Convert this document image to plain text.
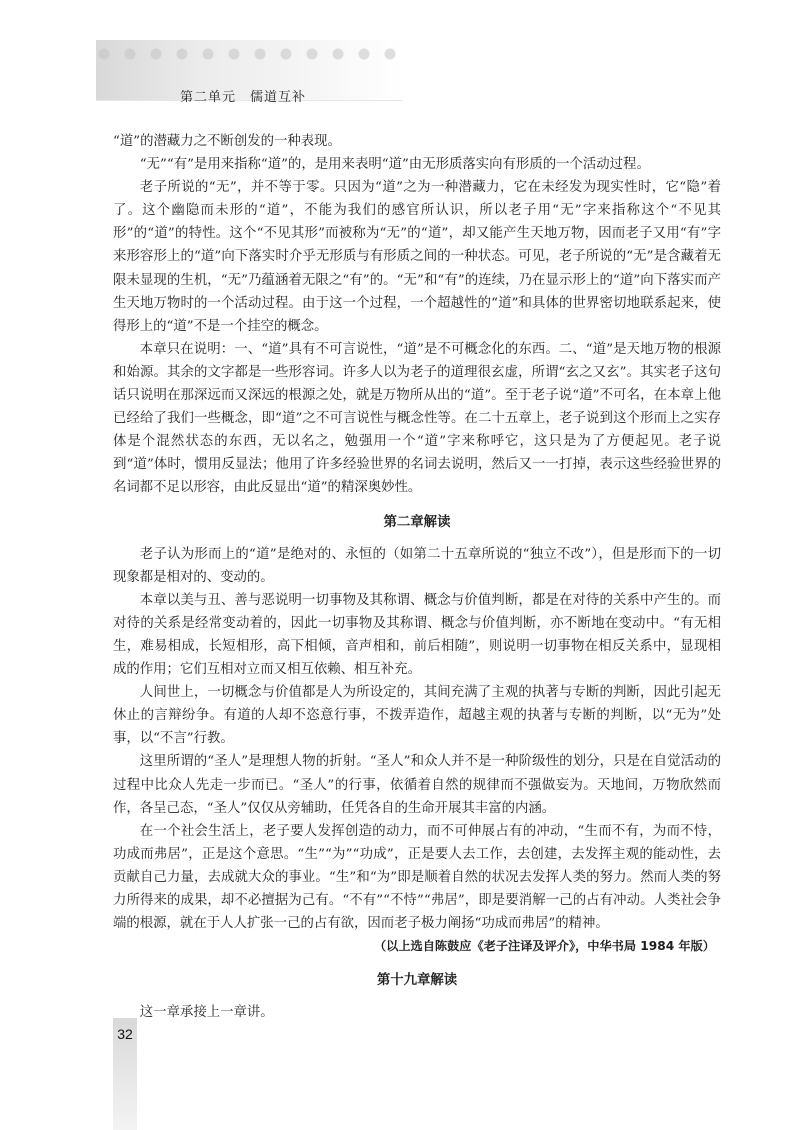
第二单元　儒道互补

“道”的潜藏力之不断创发的一种表现。

“无”“有”是用来指称“道”的，是用来表明“道”由无形质落实向有形质的一个活动过程。

老子所说的“无”，并不等于零。只因为“道”之为一种潜藏力，它在未经发为现实性时，它“隐”着了。这个幽隐而未形的“道”，不能为我们的感官所认识，所以老子用“无”字来指称这个“不见其形”的“道”的特性。这个“不见其形”而被称为“无”的“道”，却又能产生天地万物，因而老子又用“有”字来形容形上的“道”向下落实时介乎无形质与有形质之间的一种状态。可见，老子所说的“无”是含藏着无限未显现的生机，“无”乃蕴涵着无限之“有”的。“无”和“有”的连续，乃在显示形上的“道”向下落实而产生天地万物时的一个活动过程。由于这一个过程，一个超越性的“道”和具体的世界密切地联系起来，使得形上的“道”不是一个挂空的概念。

本章只在说明：一、“道”具有不可言说性，“道”是不可概念化的东西。二、“道”是天地万物的根源和始源。其余的文字都是一些形容词。许多人以为老子的道理很玄虚，所谓“玄之又玄”。其实老子这句话只说明在那深远而又深远的根源之处，就是万物所从出的“道”。至于老子说“道”不可名，在本章上他已经给了我们一些概念，即“道”之不可言说性与概念性等。在二十五章上，老子说到这个形而上之实存体是个混然状态的东西，无以名之，勉强用一个“道”字来称呼它，这只是为了方便起见。老子说到“道”体时，惯用反显法；他用了许多经验世界的名词去说明，然后又一一打掉，表示这些经验世界的名词都不足以形容，由此反显出“道”的精深奥妙性。

第二章解读

老子认为形而上的“道”是绝对的、永恒的（如第二十五章所说的“独立不改”），但是形而下的一切现象都是相对的、变动的。

本章以美与丑、善与恶说明一切事物及其称谓、概念与价值判断，都是在对待的关系中产生的。而对待的关系是经常变动着的，因此一切事物及其称谓、概念与价值判断，亦不断地在变动中。“有无相生，难易相成，长短相形，高下相倾，音声相和，前后相随”，则说明一切事物在相反关系中，显现相成的作用；它们互相对立而又相互依赖、相互补充。

人间世上，一切概念与价值都是人为所设定的，其间充满了主观的执著与专断的判断，因此引起无休止的言辩纷争。有道的人却不恣意行事，不拨弄造作，超越主观的执著与专断的判断，以“无为”处事，以“不言”行教。

这里所谓的“圣人”是理想人物的折射。“圣人”和众人并不是一种阶级性的划分，只是在自觉活动的过程中比众人先走一步而已。“圣人”的行事，依循着自然的规律而不强做妄为。天地间，万物欣然而作，各呈己态，“圣人”仅仅从旁辅助，任凭各自的生命开展其丰富的内涵。

在一个社会生活上，老子要人发挥创造的动力，而不可伸展占有的冲动，“生而不有，为而不恃，功成而弗居”，正是这个意思。“生”“为”“功成”，正是要人去工作，去创建，去发挥主观的能动性，去贡献自己力量，去成就大众的事业。“生”和“为”即是顺着自然的状况去发挥人类的努力。然而人类的努力所得来的成果，却不必擅据为己有。“不有”“不恃”“弗居”，即是要消解一己的占有冲动。人类社会争端的根源，就在于人人扩张一己的占有欲，因而老子极力阐扬“功成而弗居”的精神。

（以上选自陈鼓应《老子注译及评介》，中华书局 1984 年版）

第十九章解读

这一章承接上一章讲。

32
